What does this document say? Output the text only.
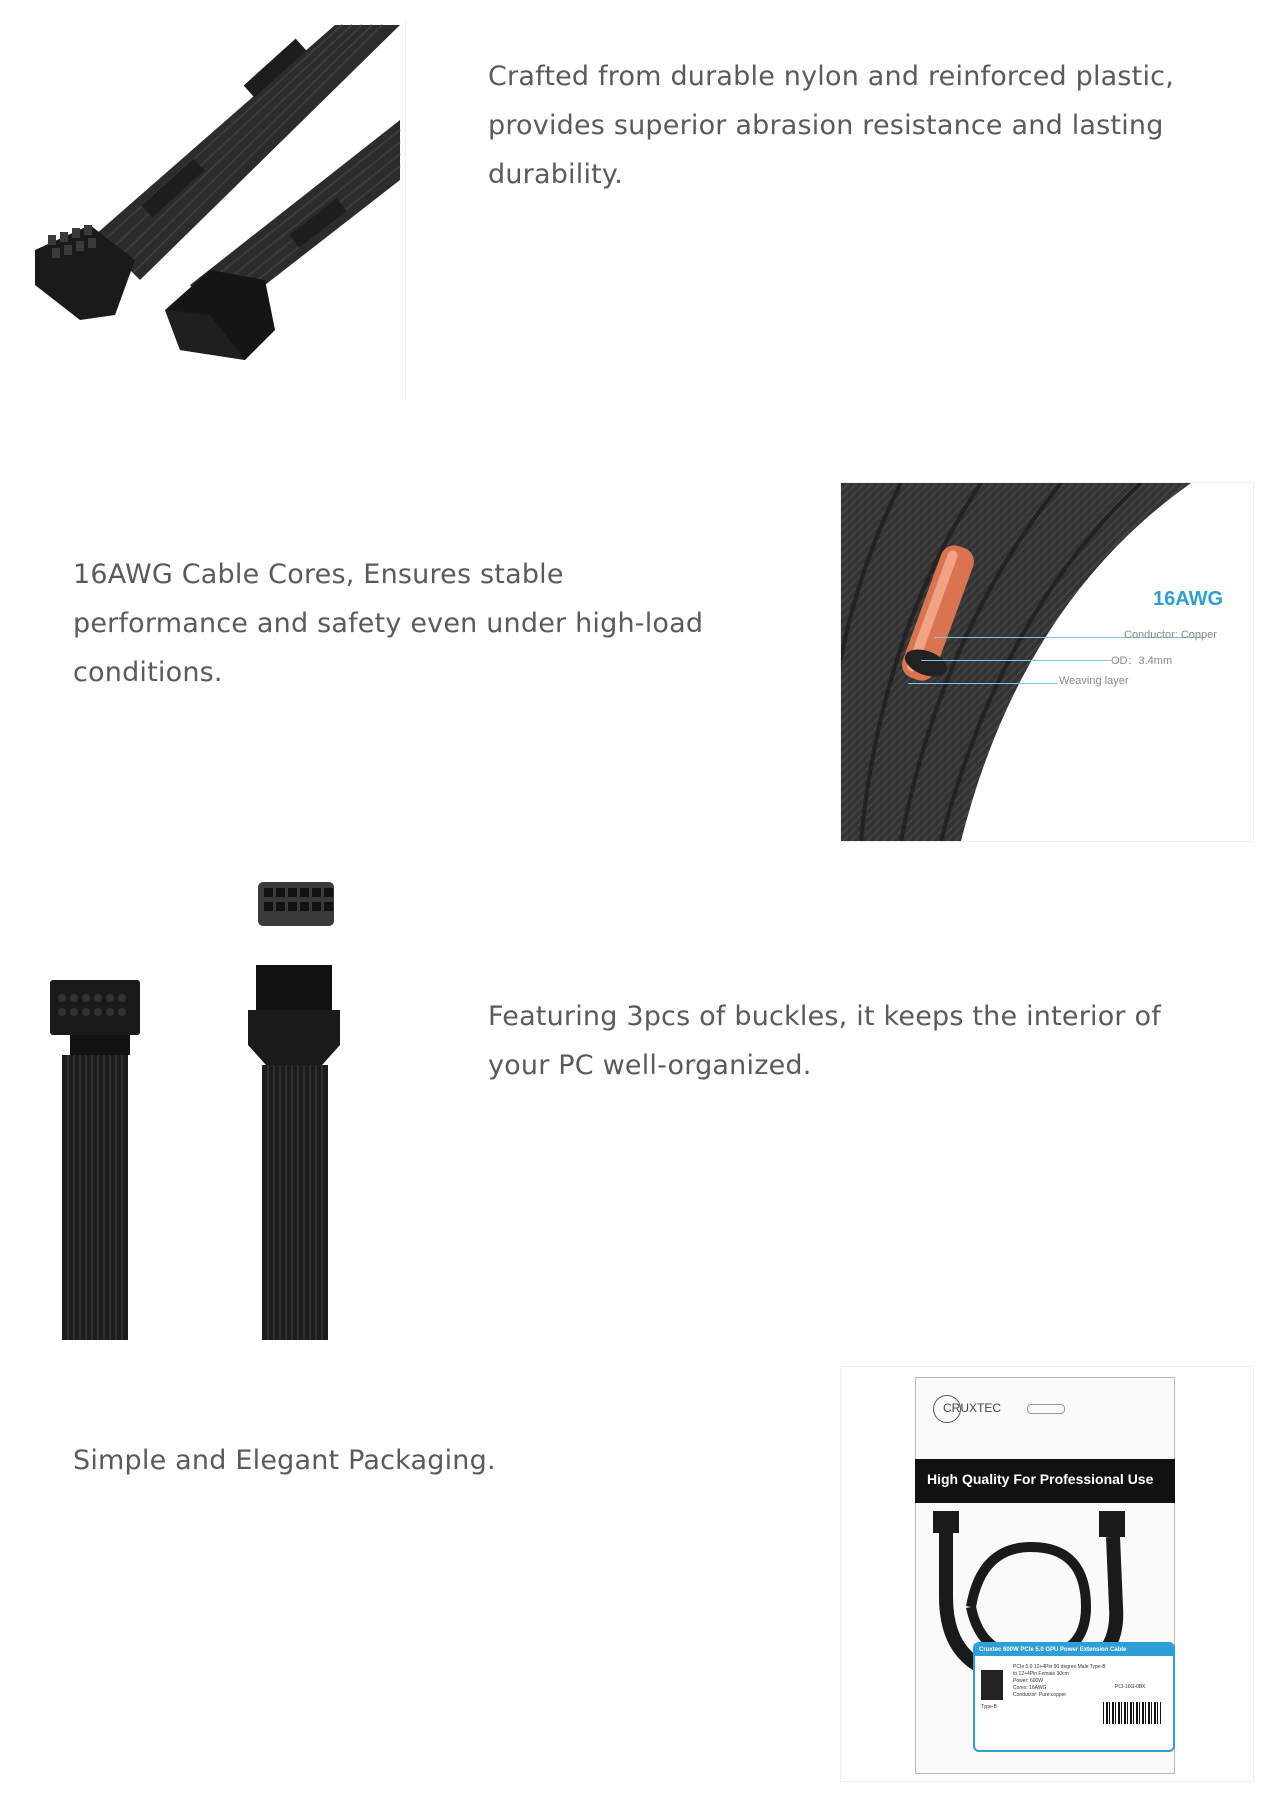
Crafted from durable nylon and reinforced plastic, provides superior abrasion resistance and lasting durability.

16AWG Cable Cores, Ensures stable performance and safety even under high-load conditions.

16AWG
Conductor: Copper
OD：3.4mm
Weaving layer

Featuring 3pcs of buckles, it keeps the interior of your PC well-organized.

Simple and Elegant Packaging.

CRUXTEC
High Quality For Professional Use
Cruxtec 600W PCIe 5.0 GPU Power Extension Cable
Type-B
PCIe 5.0 12+4Pin 90 degree Male Type-B
to 12+4Pin Female 30cm
Power: 600W
Cores: 16AWG
Conductor: Pure copper
PCI-16G-0BK
